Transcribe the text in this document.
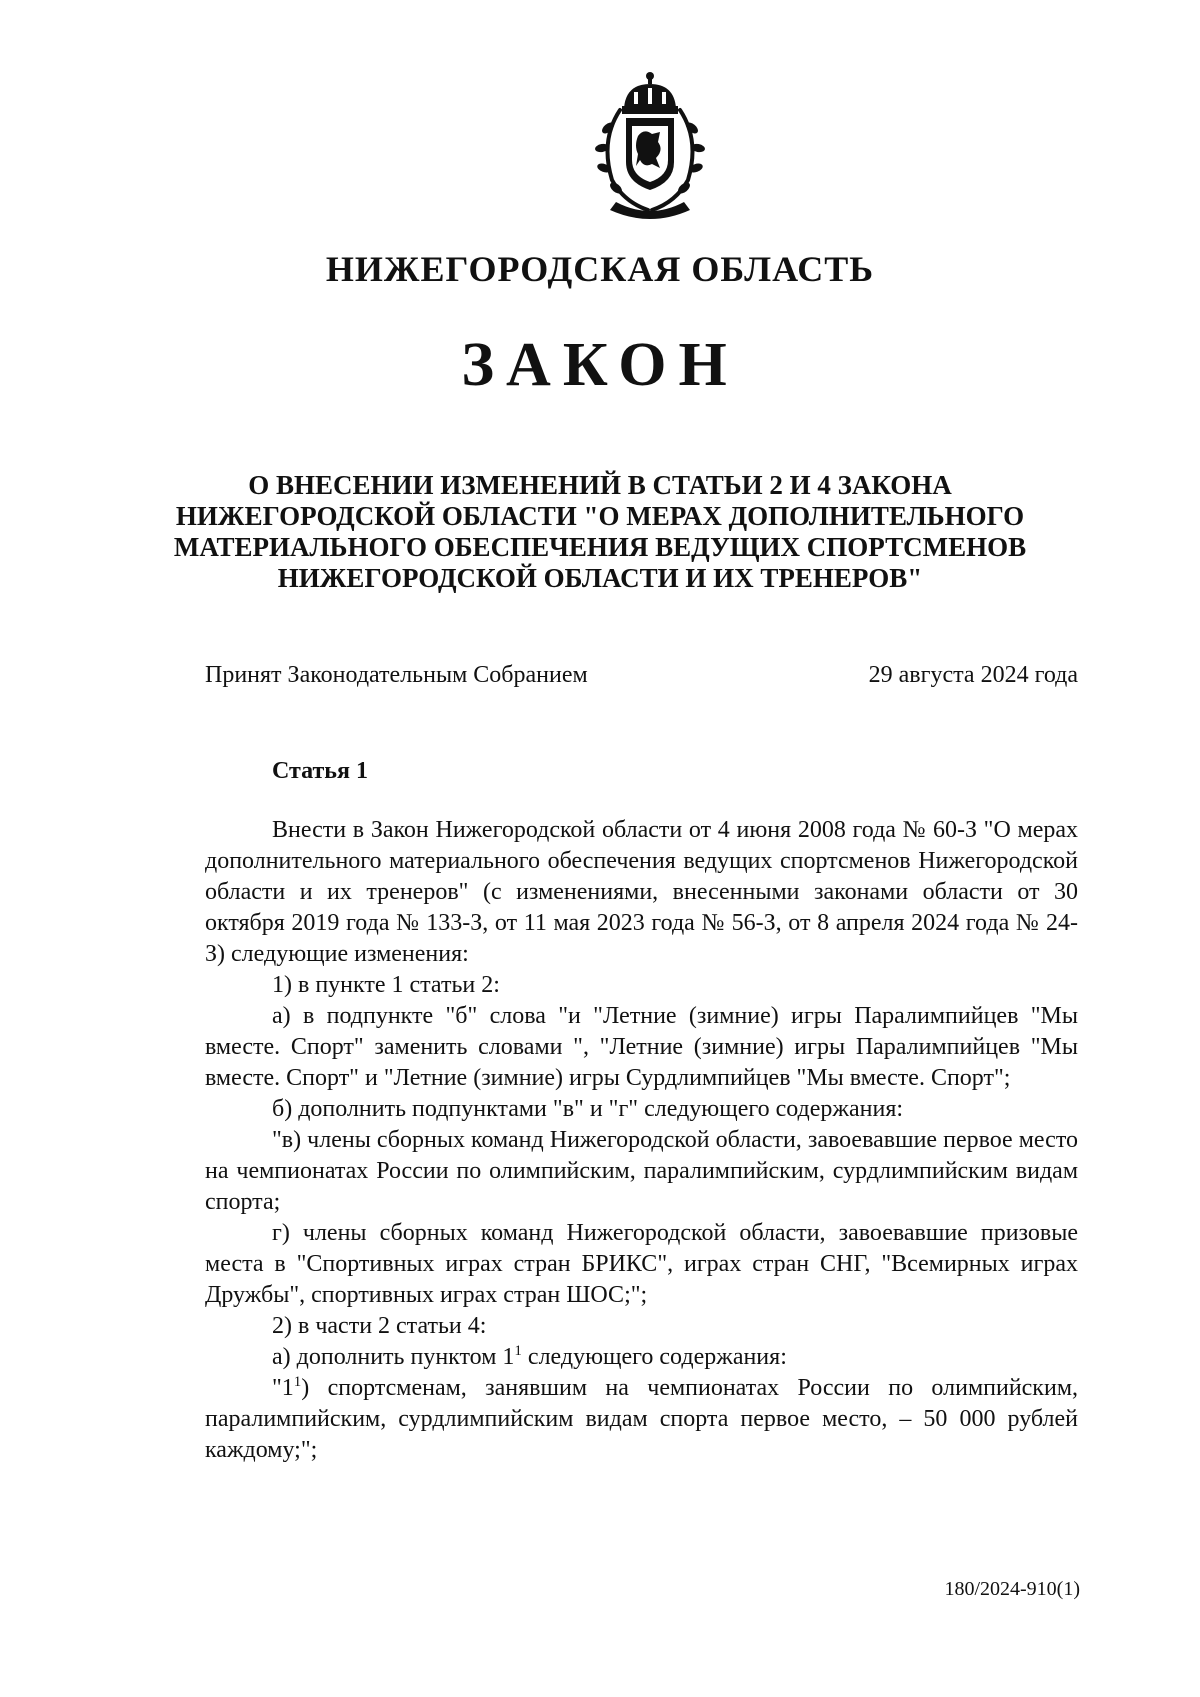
НИЖЕГОРОДСКАЯ ОБЛАСТЬ
ЗАКОН
О ВНЕСЕНИИ ИЗМЕНЕНИЙ В СТАТЬИ 2 И 4 ЗАКОНА
НИЖЕГОРОДСКОЙ ОБЛАСТИ "О МЕРАХ ДОПОЛНИТЕЛЬНОГО
МАТЕРИАЛЬНОГО ОБЕСПЕЧЕНИЯ ВЕДУЩИХ СПОРТСМЕНОВ
НИЖЕГОРОДСКОЙ ОБЛАСТИ И ИХ ТРЕНЕРОВ"
Принят Законодательным Собранием	29 августа 2024 года
Статья 1

Внести в Закон Нижегородской области от 4 июня 2008 года № 60-З "О мерах дополнительного материального обеспечения ведущих спортсменов Нижегородской области и их тренеров" (с изменениями, внесенными законами области от 30 октября 2019 года № 133-З, от 11 мая 2023 года № 56-З, от 8 апреля 2024 года № 24-З) следующие изменения:

1) в пункте 1 статьи 2:

а) в подпункте "б" слова "и "Летние (зимние) игры Паралимпийцев "Мы вместе. Спорт" заменить словами ", "Летние (зимние) игры Паралимпийцев "Мы вместе. Спорт" и "Летние (зимние) игры Сурдлимпийцев "Мы вместе. Спорт";

б) дополнить подпунктами "в" и "г" следующего содержания:

"в) члены сборных команд Нижегородской области, завоевавшие первое место на чемпионатах России по олимпийским, паралимпийским, сурдлимпийским видам спорта;

г) члены сборных команд Нижегородской области, завоевавшие призовые места в "Спортивных играх стран БРИКС", играх стран СНГ, "Всемирных играх Дружбы", спортивных играх стран ШОС;";

2) в части 2 статьи 4:

а) дополнить пунктом $1^1$ следующего содержания:

"$1^1$) спортсменам, занявшим на чемпионатах России по олимпийским, паралимпийским, сурдлимпийским видам спорта первое место, – 50 000 рублей каждому;";

180/2024-910(1)
